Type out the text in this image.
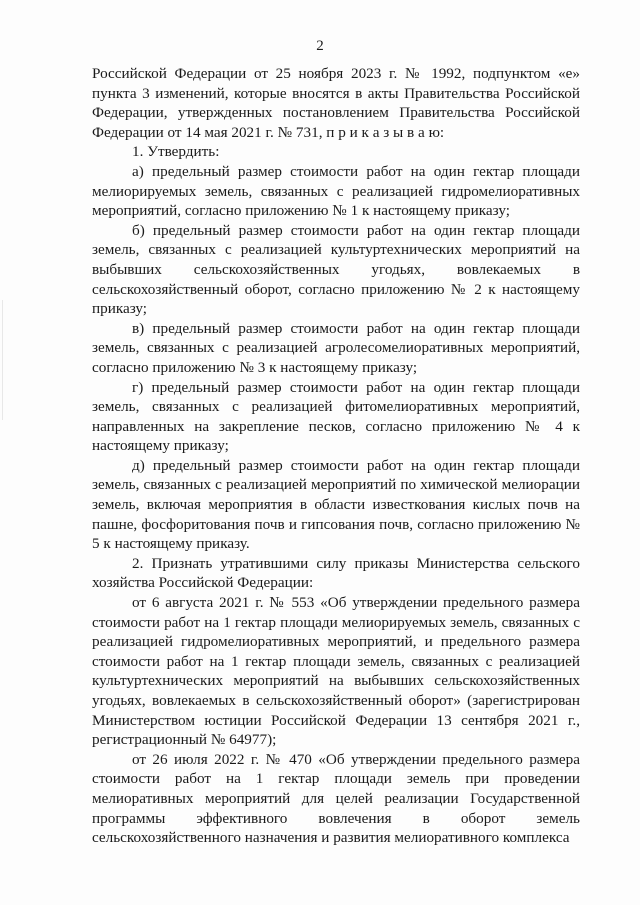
2

Российской Федерации от 25 ноября 2023 г. № 1992, подпунктом «е» пункта 3 изменений, которые вносятся в акты Правительства Российской Федерации, утвержденных постановлением Правительства Российской Федерации от 14 мая 2021 г. № 731, п р и к а з ы в а ю:

1. Утвердить:

а) предельный размер стоимости работ на один гектар площади мелиорируемых земель, связанных с реализацией гидромелиоративных мероприятий, согласно приложению № 1 к настоящему приказу;

б) предельный размер стоимости работ на один гектар площади земель, связанных с реализацией культуртехнических мероприятий на выбывших сельскохозяйственных угодьях, вовлекаемых в сельскохозяйственный оборот, согласно приложению № 2 к настоящему приказу;

в) предельный размер стоимости работ на один гектар площади земель, связанных с реализацией агролесомелиоративных мероприятий, согласно приложению № 3 к настоящему приказу;

г) предельный размер стоимости работ на один гектар площади земель, связанных с реализацией фитомелиоративных мероприятий, направленных на закрепление песков, согласно приложению № 4 к настоящему приказу;

д) предельный размер стоимости работ на один гектар площади земель, связанных с реализацией мероприятий по химической мелиорации земель, включая мероприятия в области известкования кислых почв на пашне, фосфоритования почв и гипсования почв, согласно приложению № 5 к настоящему приказу.

2. Признать утратившими силу приказы Министерства сельского хозяйства Российской Федерации:

от 6 августа 2021 г. № 553 «Об утверждении предельного размера стоимости работ на 1 гектар площади мелиорируемых земель, связанных с реализацией гидромелиоративных мероприятий, и предельного размера стоимости работ на 1 гектар площади земель, связанных с реализацией культуртехнических мероприятий на выбывших сельскохозяйственных угодьях, вовлекаемых в сельскохозяйственный оборот» (зарегистрирован Министерством юстиции Российской Федерации 13 сентября 2021 г., регистрационный № 64977);

от 26 июля 2022 г. № 470 «Об утверждении предельного размера стоимости работ на 1 гектар площади земель при проведении мелиоративных мероприятий для целей реализации Государственной программы эффективного вовлечения в оборот земель сельскохозяйственного назначения и развития мелиоративного комплекса
